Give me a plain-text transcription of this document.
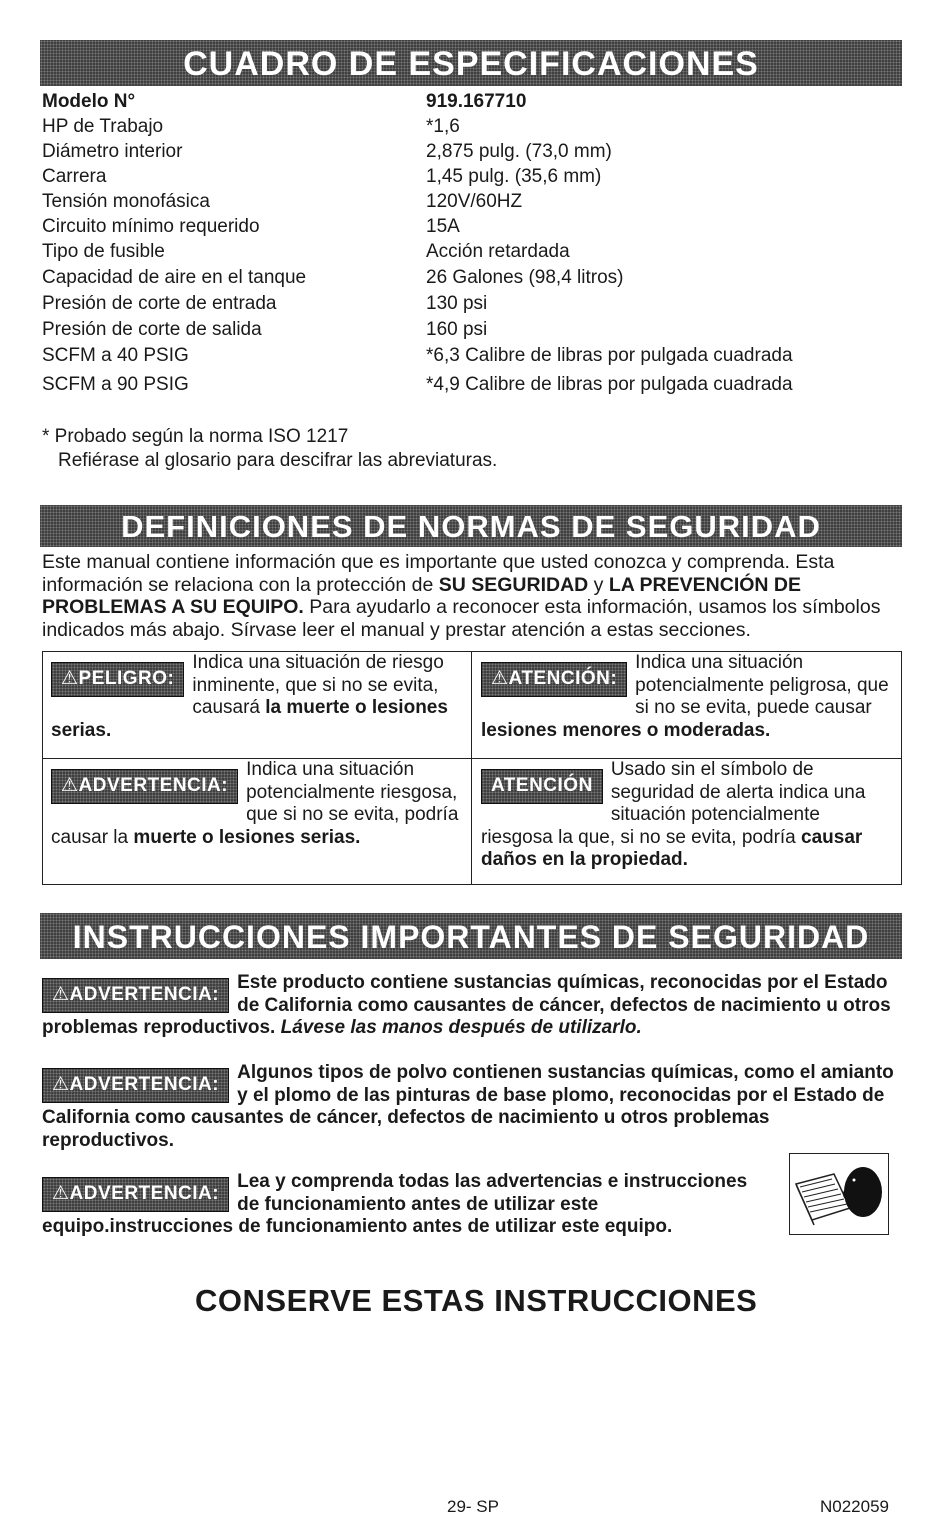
CUADRO DE ESPECIFICACIONES
Modelo N°	919.167710
HP de Trabajo	*1,6
Diámetro interior	2,875 pulg. (73,0 mm)
Carrera	1,45 pulg. (35,6 mm)
Tensión monofásica	120V/60HZ
Circuito mínimo requerido	15A
Tipo de fusible	Acción retardada
Capacidad de aire en el tanque	26 Galones (98,4 litros)
Presión de corte de entrada	130 psi
Presión de corte de salida	160 psi
SCFM a 40 PSIG	*6,3 Calibre de libras por pulgada cuadrada
SCFM a 90 PSIG	*4,9 Calibre de libras por pulgada cuadrada
* Probado según la norma ISO 1217
Refiérase al glosario para descifrar las abreviaturas.
DEFINICIONES DE NORMAS DE SEGURIDAD
Este manual contiene información que es importante que usted conozca y comprenda. Esta información se relaciona con la protección de SU SEGURIDAD y LA PREVENCIÓN DE PROBLEMAS A SU EQUIPO. Para ayudarlo a reconocer esta información, usamos los símbolos indicados más abajo. Sírvase leer el manual y prestar atención a estas secciones.
⚠PELIGRO:
Indica una situación de riesgo inminente, que si no se evita, causará la muerte o lesiones serias.
⚠ATENCIÓN:
Indica una situación potencialmente peligrosa, que si no se evita, puede causar lesiones menores o moderadas.
⚠ADVERTENCIA:
Indica una situación potencialmente riesgosa, que si no se evita, podría causar la muerte o lesiones serias.
ATENCIÓN
Usado sin el símbolo de seguridad de alerta indica una situación potencialmente riesgosa la que, si no se evita, podría causar daños en la propiedad.
INSTRUCCIONES IMPORTANTES DE SEGURIDAD
⚠ADVERTENCIA:
Este producto contiene sustancias químicas, reconocidas por el Estado de California como causantes de cáncer, defectos de nacimiento u otros problemas reproductivos. Lávese las manos después de utilizarlo.
⚠ADVERTENCIA:
Algunos tipos de polvo contienen sustancias químicas, como el amianto y el plomo de las pinturas de base plomo, reconocidas por el Estado de California como causantes de cáncer, defectos de nacimiento u otros problemas reproductivos.
⚠ADVERTENCIA:
Lea y comprenda todas las advertencias e instrucciones de funcionamiento antes de utilizar este equipo.instrucciones de funcionamiento antes de utilizar este equipo.
CONSERVE ESTAS INSTRUCCIONES
29- SP	N022059
